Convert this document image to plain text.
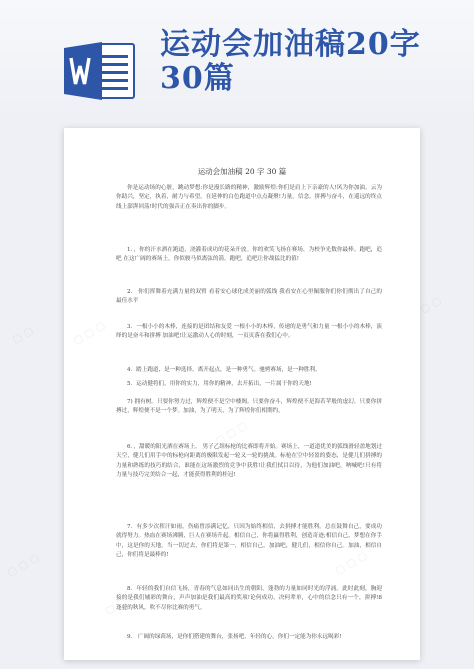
运动会加油稿20字30篇
运动会加油稿 20 字 30 篇

你是运动场的心脏，跳动梦想:你是漫长路的精神，激励辉煌:你们是肩上下亲豪的人!风为你加油，云为你助兴，坚定，执着，耐力与希望，在延伸的白色跑道中点点凝聚!力量，信念，拼搏与奋斗，在遥远的终点线上澎湃回荡!时代的强音正在奏出你的脚步。

1．，你的汗水洒在跑道，浇灌着成功的花朵开放。你的欢笑飞扬在赛场，为校争光数你最棒。跑吧，追吧 在这广阔的赛场上，你似骏马似离弦的箭。跑吧，追吧让你战猛比的值!

2． 你们挥舞着充满力量的双臂 看着安心球化成美丽的弧线 我看安在心里佩服你们你们彻出了自己的最佳水平

3．一根小小的木棒，连接的是团结和友爱 一根小小的木棒，传递的是勇气和力量 一根小小的木棒，演绎的是奋斗和拼搏 加油吧!让运激动人心的时刻，一页页落在我们心中。

4．踏上跑道，是一种选择。离开起点，是一种勇气。驰骋赛场，是一种胜利。

5．运动健将们，用你的实力，用你的精神，去开拓出，一片属于你的天地!

7) 拥有树。只要你努力过，辉煌便不是空中楼阁。只要你奋斗，辉煌便不是海若苹般的虚幻。只要你拼搏过，辉煌便不是一个梦。加油，为了明天，为了辉煌你们相期约。

6．，甜暖的阳光洒在赛场上。 男子乙组标枪的比赛即将开始。赛场上，一道道优美的弧线滑轻盈地划过天空，健儿们用手中的标枪向距离的极限发起一轮又一轮的挑战。标枪在空中轻盈的姿态，是健儿们拼搏的力量和熟练的技巧的结合，谁能在这场激烈的竞争中获胜!让我们拭目以待，为他们加油吧，呐喊吧!只有将力量与技巧完美结合一起，才能获得胜利的桂冠!

7．有多少次挥汗如雨，伤痛曾添满记忆，只因为始终相信，去拼搏才能胜利。总在鼓舞自己，要成功就得努力。热血在赛场沸腾，巨人在赛场升起。相信自己，你将赢得胜利，创造奇迹;相信自己，梦想在你手中，这是你的天地。当一切过去，你们将是第一，相信自己，加油吧，健儿们，相信你自己。加油，相信自己，你们将是最棒的!

8．年轻的我们自信飞扬，青春的气息如同出生的朝阳，蓬勃的力量如同时光的浮涌。此时此刻，胸迎接的是我们辅彩的舞台，声声加油是我们最高的奖项!论何成功，决何辈单，心中的信念只有一个，拼搏!8 逢甍的秋风，吹不尽你比赛的勇气。

9． 广阔的绿茵场，是你们搭建的舞台，张扬吧，年轻的心，你们一定能为你永远喝彩!

▢ ▢ ▢
▢ ▢ ▢
▢ ▢ ▢
▢ ▢ ▢
▢ ▢ ▢
▢ ▢
▢ ▢
